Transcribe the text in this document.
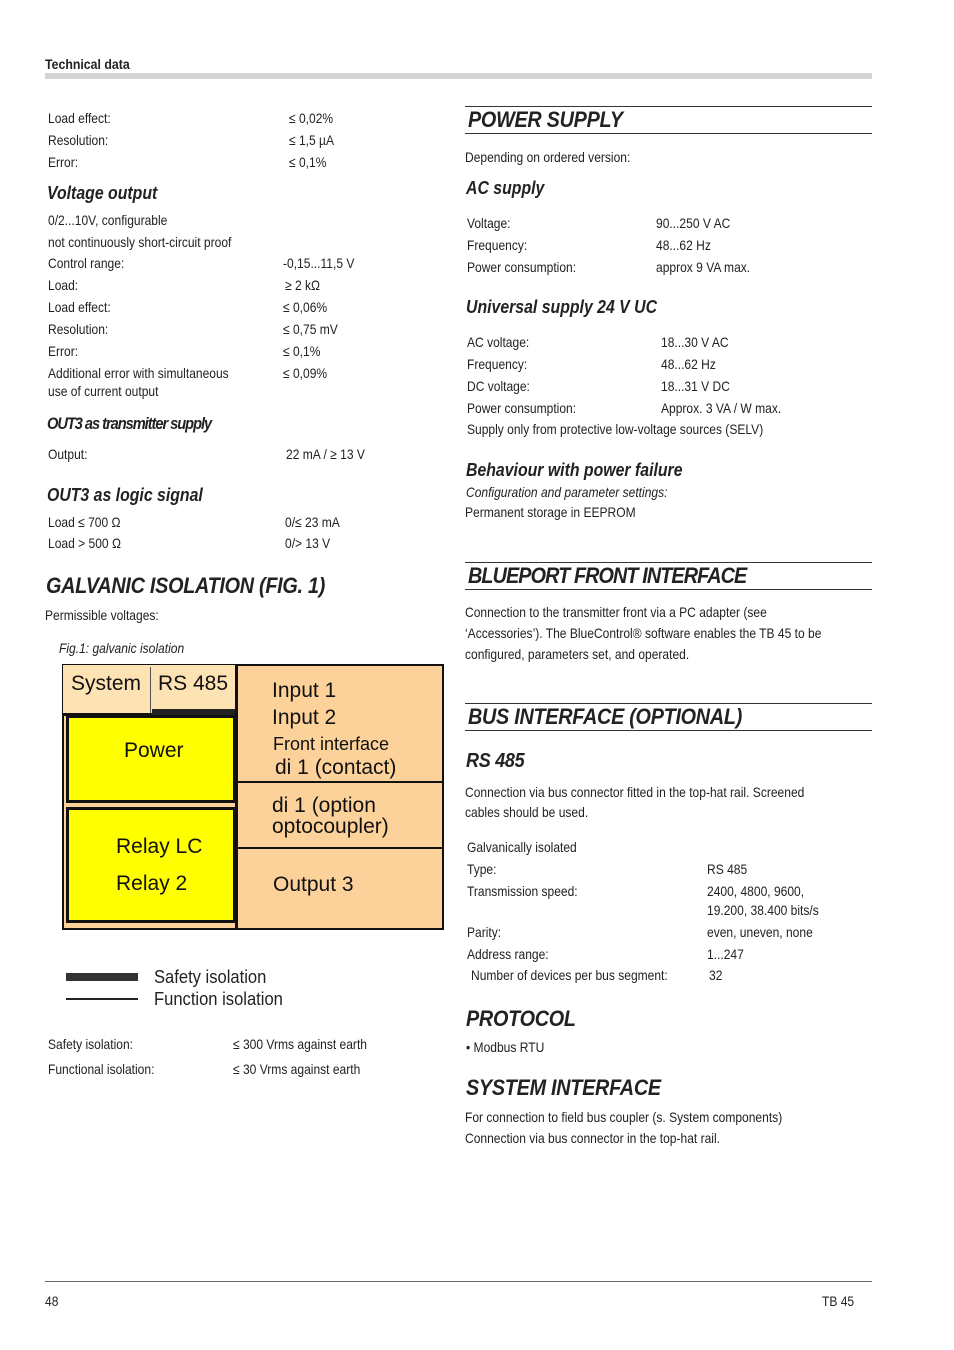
Technical data
Load effect:	≤ 0,02%
Resolution:	≤ 1,5 µA
Error:	≤ 0,1%
Voltage output
0/2...10V, configurable
not continuously short-circuit proof
Control range:	-0,15...11,5 V
Load:	≥ 2 kΩ
Load effect:	≤ 0,06%
Resolution:	≤ 0,75 mV
Error:	≤ 0,1%
Additional error with simultaneous
use of current output
≤ 0,09%
OUT3 as transmitter supply
Output:	22 mA / ≥ 13 V
OUT3 as logic signal
Load ≤ 700 Ω	0/≤ 23 mA
Load > 500 Ω	0/> 13 V
GALVANIC ISOLATION (FIG. 1)
Permissible voltages:
Fig.1: galvanic isolation
System RS 485
Power
Relay LC
Relay 2
Input 1
Input 2
Front interface
di 1 (contact)
di 1 (option
optocoupler)
Output 3
Safety isolation
Function isolation
Safety isolation:	≤ 300 Vrms against earth
Functional isolation:	≤ 30 Vrms against earth
POWER SUPPLY
Depending on ordered version:
AC supply
Voltage:	90...250 V AC
Frequency:	48...62 Hz
Power consumption:	approx 9 VA max.
Universal supply 24 V UC
AC voltage:	18...30 V AC
Frequency:	48...62 Hz
DC voltage:	18...31 V DC
Power consumption:	Approx. 3 VA / W max.
Supply only from protective low-voltage sources (SELV)
Behaviour with power failure
Configuration and parameter settings:
Permanent storage in EEPROM
BLUEPORT FRONT INTERFACE
Connection to the transmitter front via a PC adapter (see
‘Accessories’). The BlueControl® software enables the TB 45 to be
configured, parameters set, and operated.
BUS INTERFACE (OPTIONAL)
RS 485
Connection via bus connector fitted in the top-hat rail. Screened
cables should be used.
Galvanically isolated
Type:	RS 485
Transmission speed:	2400, 4800, 9600,
19.200, 38.400 bits/s
Parity:	even, uneven, none
Address range:	1...247
Number of devices per bus segment:	32
PROTOCOL
• Modbus RTU
SYSTEM INTERFACE
For connection to field bus coupler (s. System components)
Connection via bus connector in the top-hat rail.
48	TB 45
